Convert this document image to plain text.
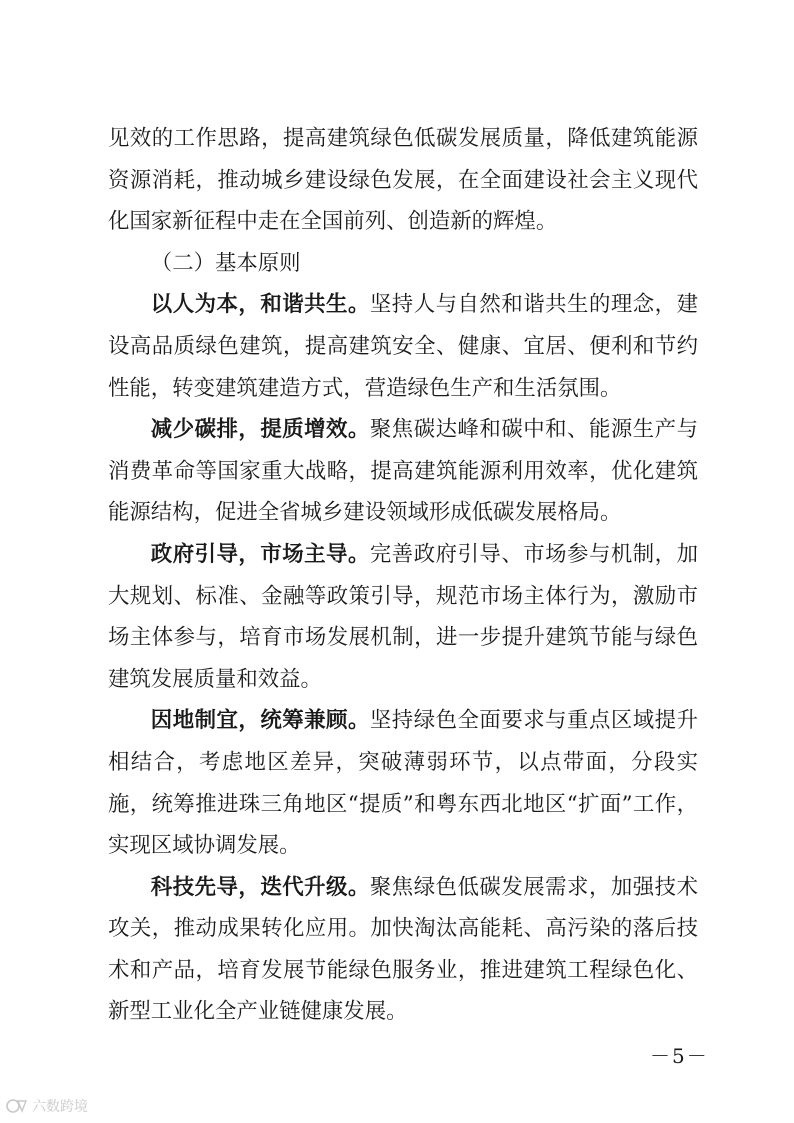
见效的工作思路，提高建筑绿色低碳发展质量，降低建筑能源资源消耗，推动城乡建设绿色发展，在全面建设社会主义现代化国家新征程中走在全国前列、创造新的辉煌。

（二）基本原则

以人为本，和谐共生。坚持人与自然和谐共生的理念，建设高品质绿色建筑，提高建筑安全、健康、宜居、便利和节约性能，转变建筑建造方式，营造绿色生产和生活氛围。

减少碳排，提质增效。聚焦碳达峰和碳中和、能源生产与消费革命等国家重大战略，提高建筑能源利用效率，优化建筑能源结构，促进全省城乡建设领域形成低碳发展格局。

政府引导，市场主导。完善政府引导、市场参与机制，加大规划、标准、金融等政策引导，规范市场主体行为，激励市场主体参与，培育市场发展机制，进一步提升建筑节能与绿色建筑发展质量和效益。

因地制宜，统筹兼顾。坚持绿色全面要求与重点区域提升相结合，考虑地区差异，突破薄弱环节，以点带面，分段实施，统筹推进珠三角地区“提质”和粤东西北地区“扩面”工作，实现区域协调发展。

科技先导，迭代升级。聚焦绿色低碳发展需求，加强技术攻关，推动成果转化应用。加快淘汰高能耗、高污染的落后技术和产品，培育发展节能绿色服务业，推进建筑工程绿色化、新型工业化全产业链健康发展。

－5－
六数跨境
